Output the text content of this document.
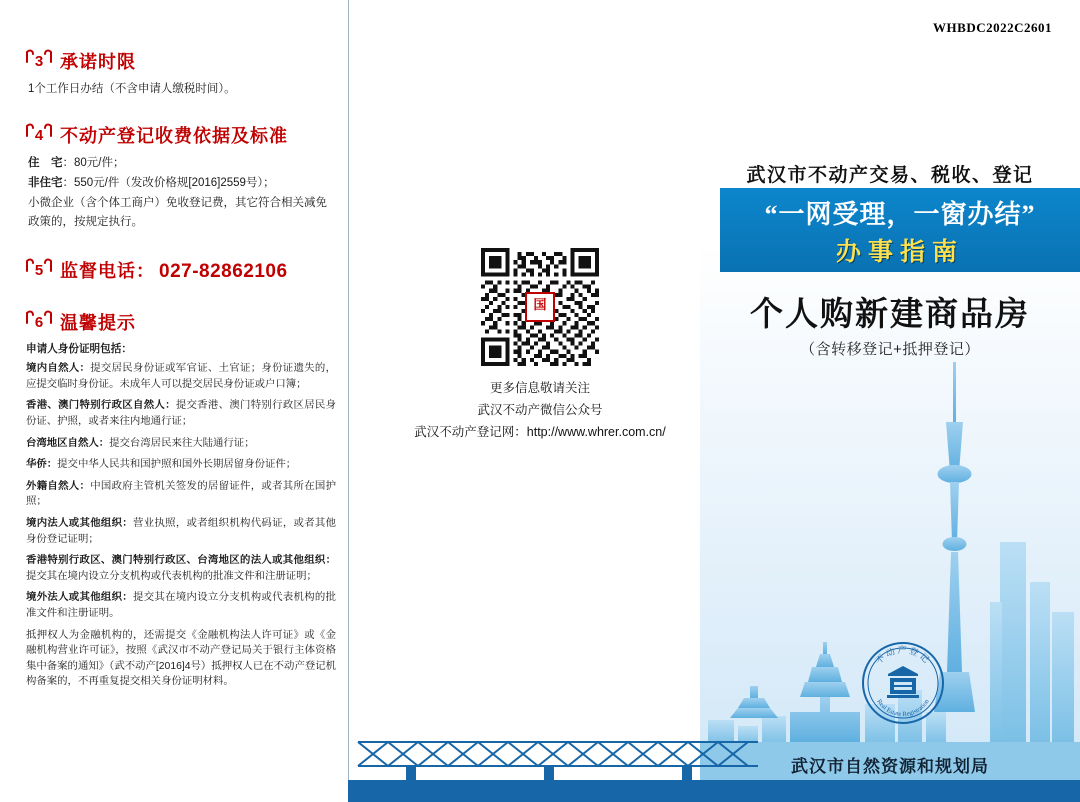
WHBDC2022C2601
3 承诺时限

1个工作日办结（不含申请人缴税时间）。

4 不动产登记收费依据及标准
住　宅：80元/件；
非住宅：550元/件（发改价格规[2016]2559号）；

小微企业（含个体工商户）免收登记费，其它符合相关减免政策的，按规定执行。

5 监督电话： 027-82862106
6 温馨提示
申请人身份证明包括：
境内自然人：提交居民身份证或军官证、土官证；身份证遗失的，应提交临时身份证。未成年人可以提交居民身份证或户口簿；
香港、澳门特别行政区自然人：提交香港、澳门特别行政区居民身份证、护照，或者来往内地通行证；
台湾地区自然人：提交台湾居民来往大陆通行证；
华侨：提交中华人民共和国护照和国外长期居留身份证件；
外籍自然人：中国政府主管机关签发的居留证件，或者其所在国护照；
境内法人或其他组织：营业执照，或者组织机构代码证，或者其他身份登记证明；
香港特别行政区、澳门特别行政区、台湾地区的法人或其他组织：提交其在境内设立分支机构或代表机构的批准文件和注册证明；
境外法人或其他组织：提交其在境内设立分支机构或代表机构的批准文件和注册证明。
抵押权人为金融机构的，还需提交《金融机构法人许可证》或《金融机构营业许可证》，按照《武汉市不动产登记局关于银行主体资格集中备案的通知》（武不动产[2016]4号）抵押权人已在不动产登记机构备案的，不再重复提交相关身份证明材料。
国
更多信息敬请关注
武汉不动产微信公众号
武汉不动产登记网：http://www.whrer.com.cn/
武汉市不动产交易、税收、登记
“一网受理，一窗办结”
办事指南
个人购新建商品房
（含转移登记+抵押登记）
不动产登记
Real Estate Registration
武汉市自然资源和规划局
